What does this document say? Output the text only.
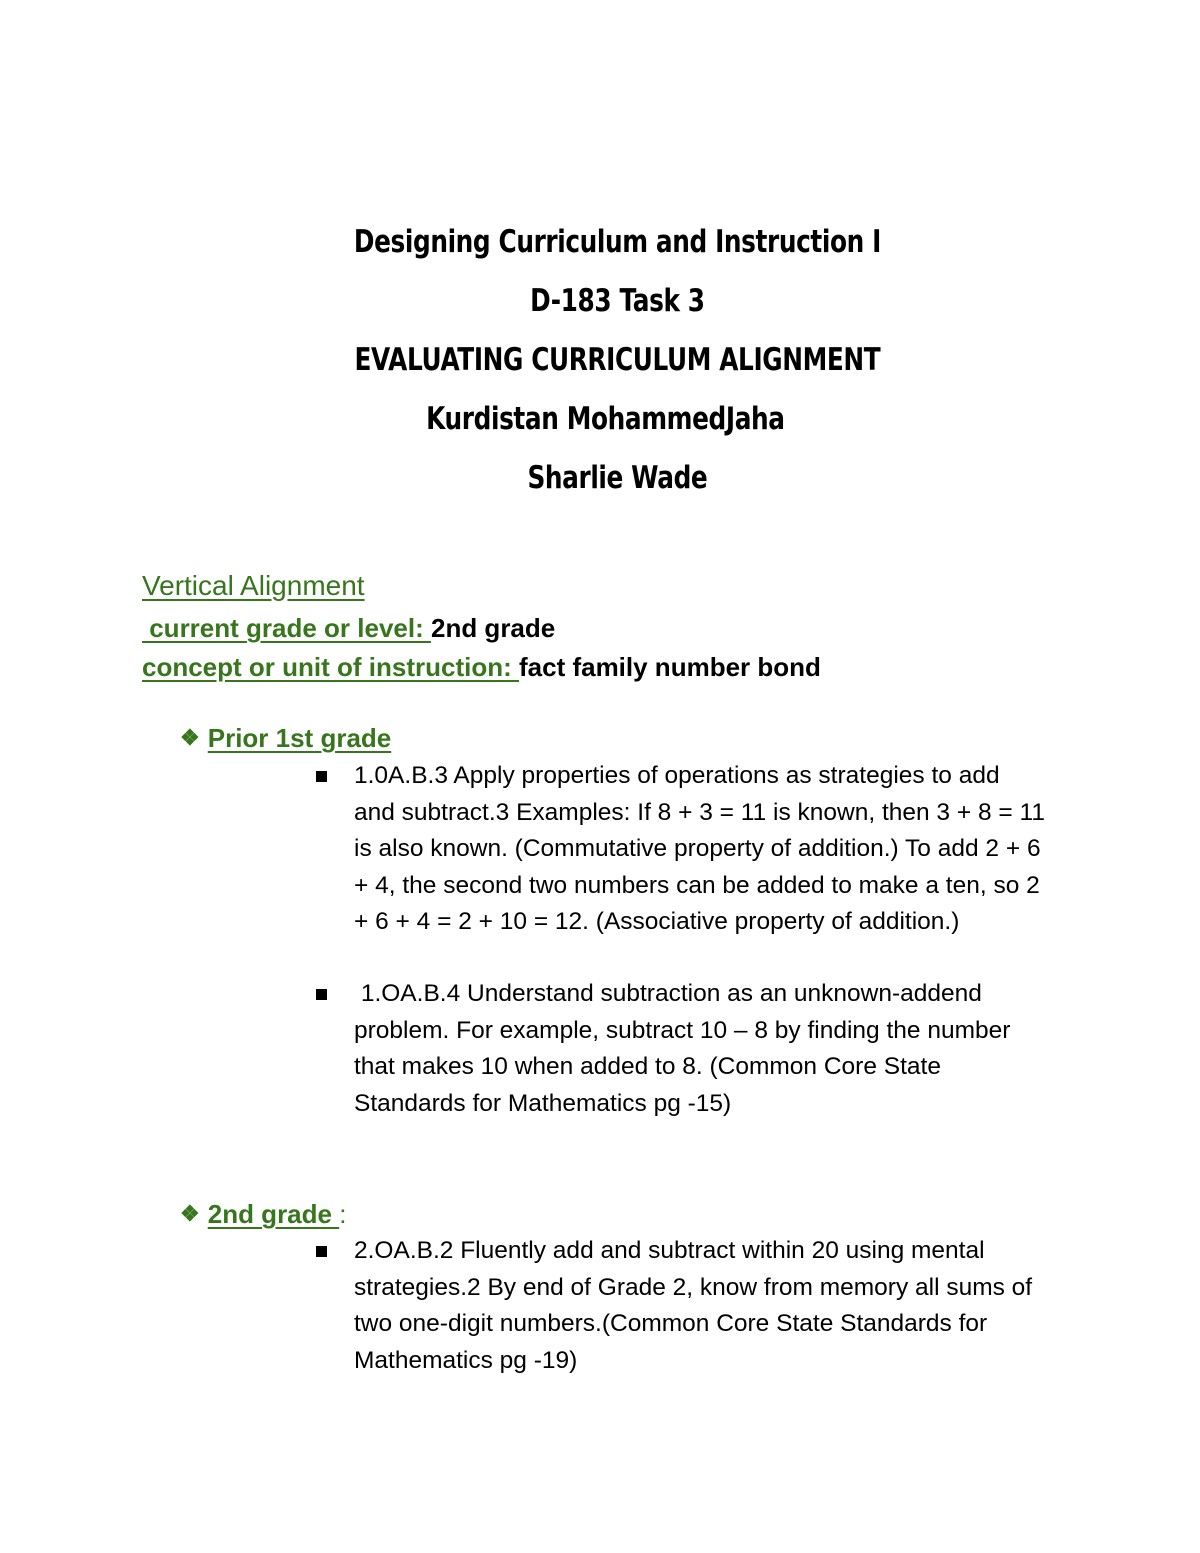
Designing Curriculum and Instruction I
D-183 Task 3
EVALUATING CURRICULUM ALIGNMENT
Kurdistan MohammedJaha
Sharlie Wade
Vertical Alignment
current grade or level: 2nd grade
concept or unit of instruction: fact family number bond
❖ Prior 1st grade
1.0A.B.3 Apply properties of operations as strategies to add and subtract.3 Examples: If 8 + 3 = 11 is known, then 3 + 8 = 11 is also known. (Commutative property of addition.) To add 2 + 6 + 4, the second two numbers can be added to make a ten, so 2 + 6 + 4 = 2 + 10 = 12. (Associative property of addition.)
1.OA.B.4 Understand subtraction as an unknown-addend problem. For example, subtract 10 – 8 by finding the number that makes 10 when added to 8. (Common Core State Standards for Mathematics pg -15)
❖ 2nd grade :
2.OA.B.2 Fluently add and subtract within 20 using mental strategies.2 By end of Grade 2, know from memory all sums of two one-digit numbers.(Common Core State Standards for Mathematics pg -19)
